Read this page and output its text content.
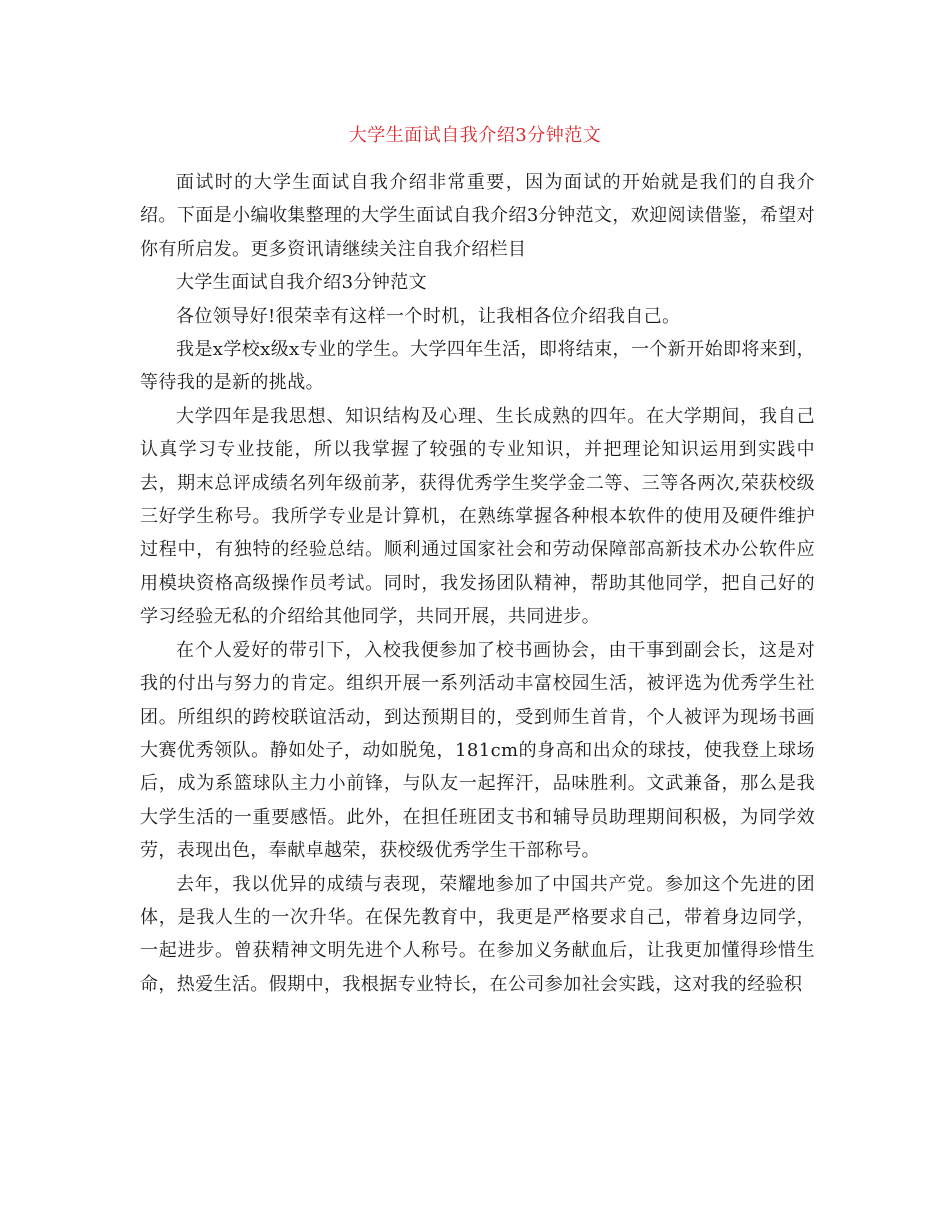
大学生面试自我介绍3分钟范文

面试时的大学生面试自我介绍非常重要，因为面试的开始就是我们的自我介绍。下面是小编收集整理的大学生面试自我介绍3分钟范文，欢迎阅读借鉴，希望对你有所启发。更多资讯请继续关注自我介绍栏目

大学生面试自我介绍3分钟范文

各位领导好!很荣幸有这样一个时机，让我相各位介绍我自己。

我是x学校x级x专业的学生。大学四年生活，即将结束，一个新开始即将来到，等待我的是新的挑战。

大学四年是我思想、知识结构及心理、生长成熟的四年。在大学期间，我自己认真学习专业技能，所以我掌握了较强的专业知识，并把理论知识运用到实践中去，期末总评成绩名列年级前茅，获得优秀学生奖学金二等、三等各两次,荣获校级三好学生称号。我所学专业是计算机，在熟练掌握各种根本软件的使用及硬件维护过程中，有独特的经验总结。顺利通过国家社会和劳动保障部高新技术办公软件应用模块资格高级操作员考试。同时，我发扬团队精神，帮助其他同学，把自己好的学习经验无私的介绍给其他同学，共同开展，共同进步。

在个人爱好的带引下，入校我便参加了校书画协会，由干事到副会长，这是对我的付出与努力的肯定。组织开展一系列活动丰富校园生活，被评选为优秀学生社团。所组织的跨校联谊活动，到达预期目的，受到师生首肯，个人被评为现场书画大赛优秀领队。静如处子，动如脱兔，181cm的身高和出众的球技，使我登上球场后，成为系篮球队主力小前锋，与队友一起挥汗，品味胜利。文武兼备，那么是我大学生活的一重要感悟。此外，在担任班团支书和辅导员助理期间积极，为同学效劳，表现出色，奉献卓越荣，获校级优秀学生干部称号。

去年，我以优异的成绩与表现，荣耀地参加了中国共产党。参加这个先进的团体，是我人生的一次升华。在保先教育中，我更是严格要求自己，带着身边同学，一起进步。曾获精神文明先进个人称号。在参加义务献血后，让我更加懂得珍惜生命，热爱生活。假期中，我根据专业特长，在公司参加社会实践，这对我的经验积
